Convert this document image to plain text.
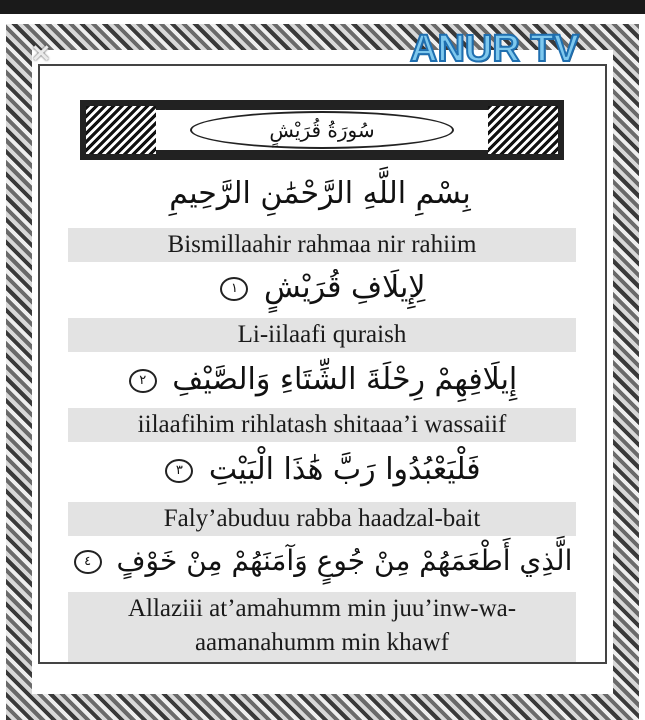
×	ANUR TV
سُورَةُ قُرَيْشٍ
بِسْمِ اللَّهِ الرَّحْمَٰنِ الرَّحِيمِ
Bismillaahir rahmaa nir rahiim
لِإِيلَافِ قُرَيْشٍ ١
Li-iilaafi quraish
إِيلَافِهِمْ رِحْلَةَ الشِّتَاءِ وَالصَّيْفِ ٢
iilaafihim rihlatash shitaaa’i wassaiif
فَلْيَعْبُدُوا رَبَّ هَٰذَا الْبَيْتِ ٣
Faly’abuduu rabba haadzal-bait
الَّذِي أَطْعَمَهُمْ مِنْ جُوعٍ وَآمَنَهُمْ مِنْ خَوْفٍ ٤
Allaziii at’amahumm min juu’inw-wa-
aamanahumm min khawf
